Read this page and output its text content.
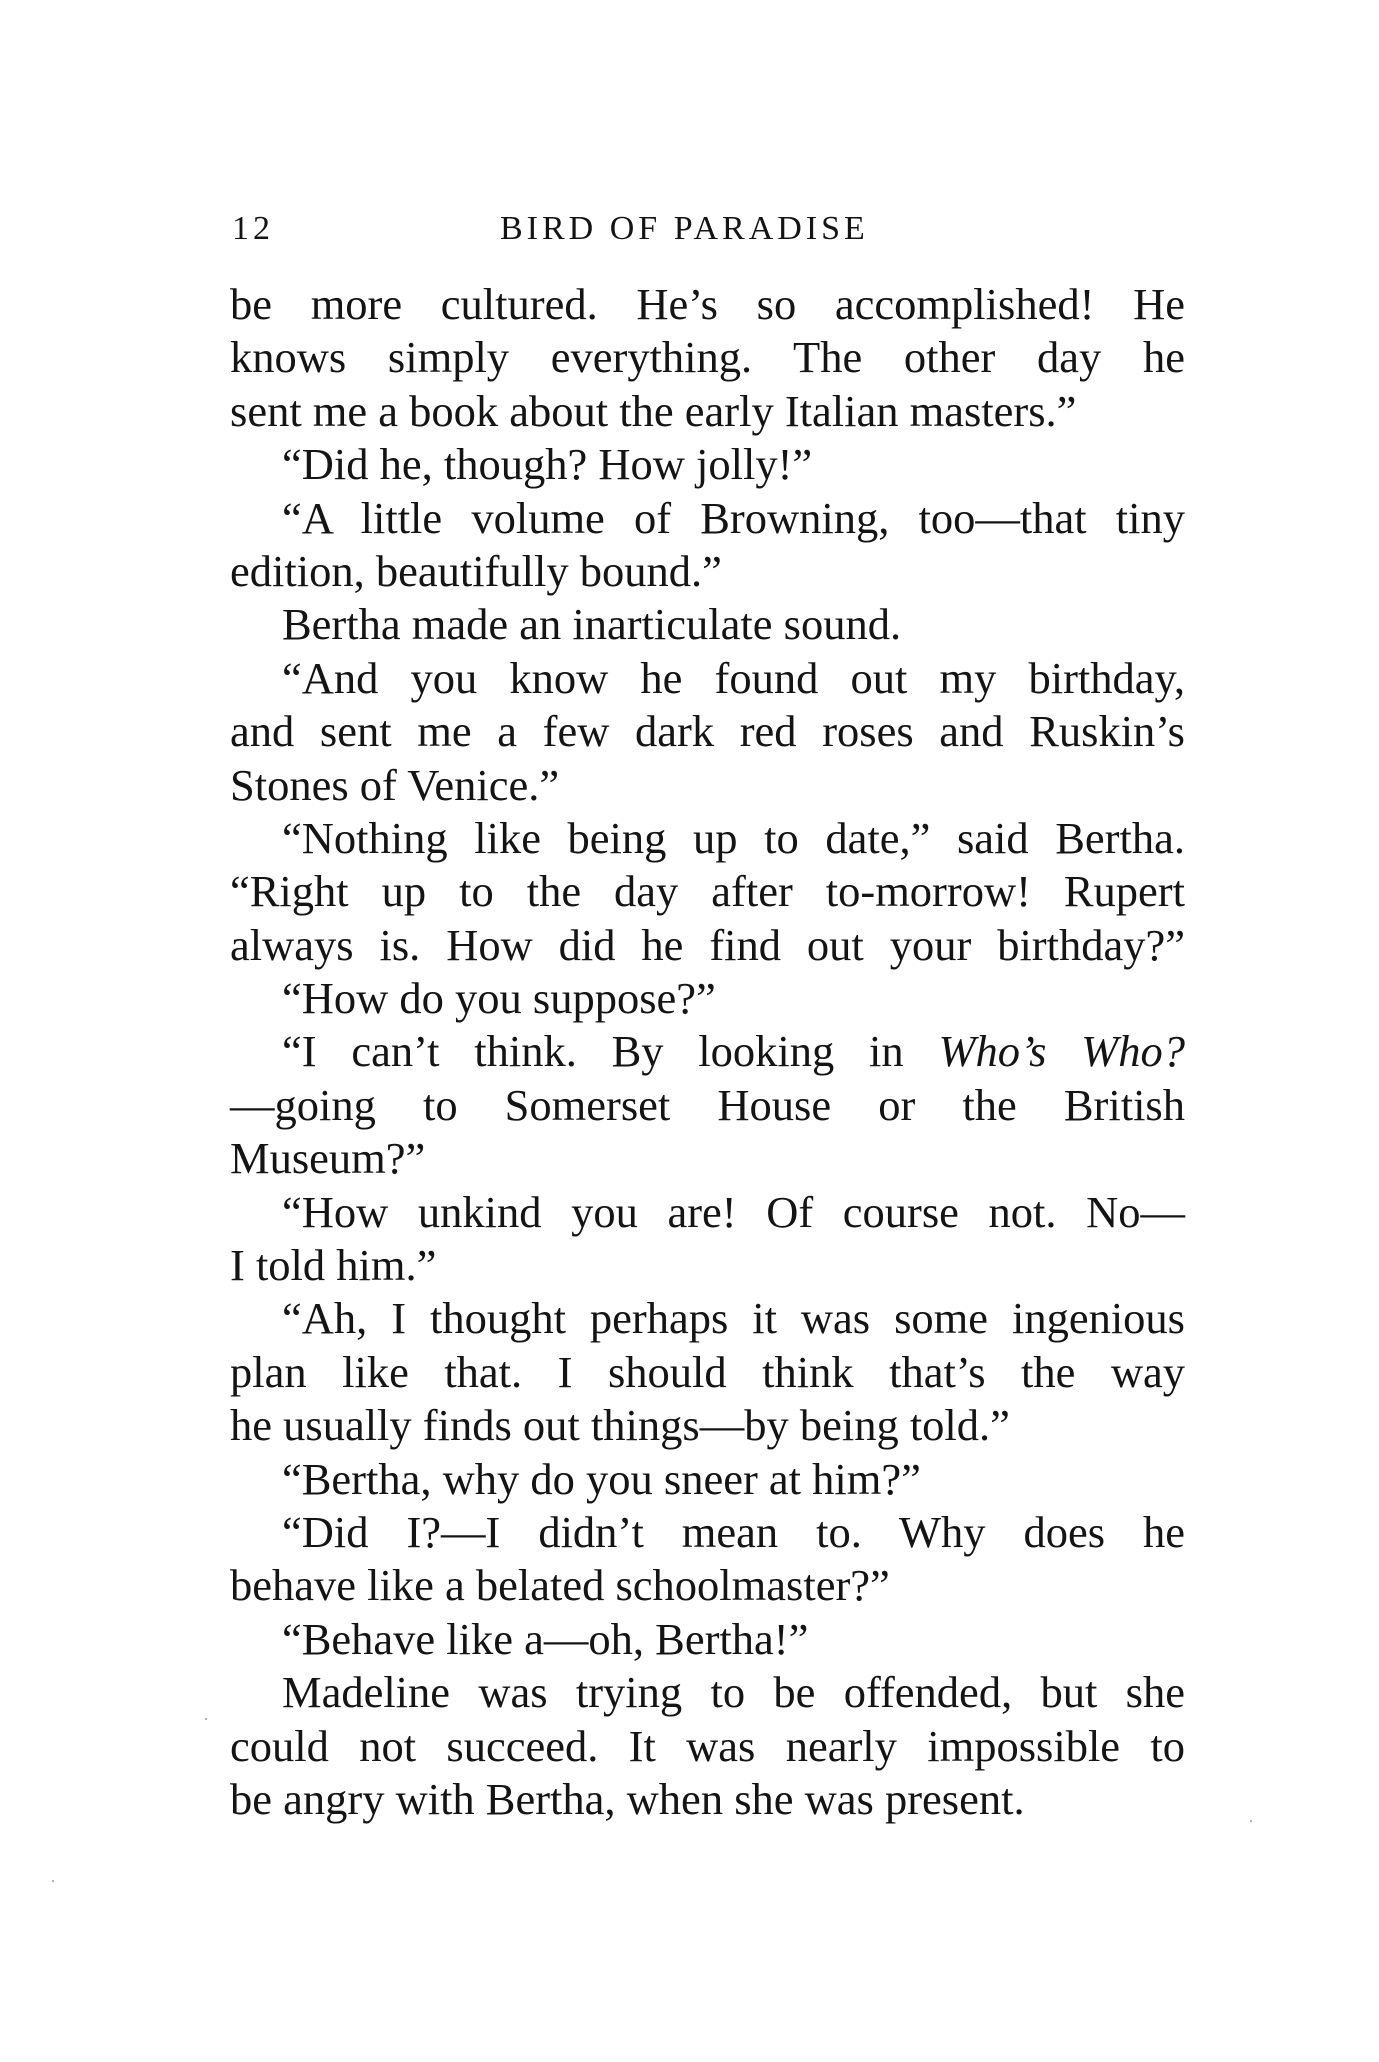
12	BIRD OF PARADISE
be more cultured. He’s so accomplished! He
knows simply everything. The other day he
sent me a book about the early Italian masters.”
“Did he, though? How jolly!”
“A little volume of Browning, too—that tiny
edition, beautifully bound.”
Bertha made an inarticulate sound.
“And you know he found out my birthday,
and sent me a few dark red roses and Ruskin’s
Stones of Venice.”
“Nothing like being up to date,” said Bertha.
“Right up to the day after to-morrow! Rupert
always is. How did he find out your birthday?”
“How do you suppose?”
“I can’t think. By looking in Who’s Who?
—going to Somerset House or the British
Museum?”
“How unkind you are! Of course not. No—
I told him.”
“Ah, I thought perhaps it was some ingenious
plan like that. I should think that’s the way
he usually finds out things—by being told.”
“Bertha, why do you sneer at him?”
“Did I?—I didn’t mean to. Why does he
behave like a belated schoolmaster?”
“Behave like a—oh, Bertha!”
Madeline was trying to be offended, but she
could not succeed. It was nearly impossible to
be angry with Bertha, when she was present.
